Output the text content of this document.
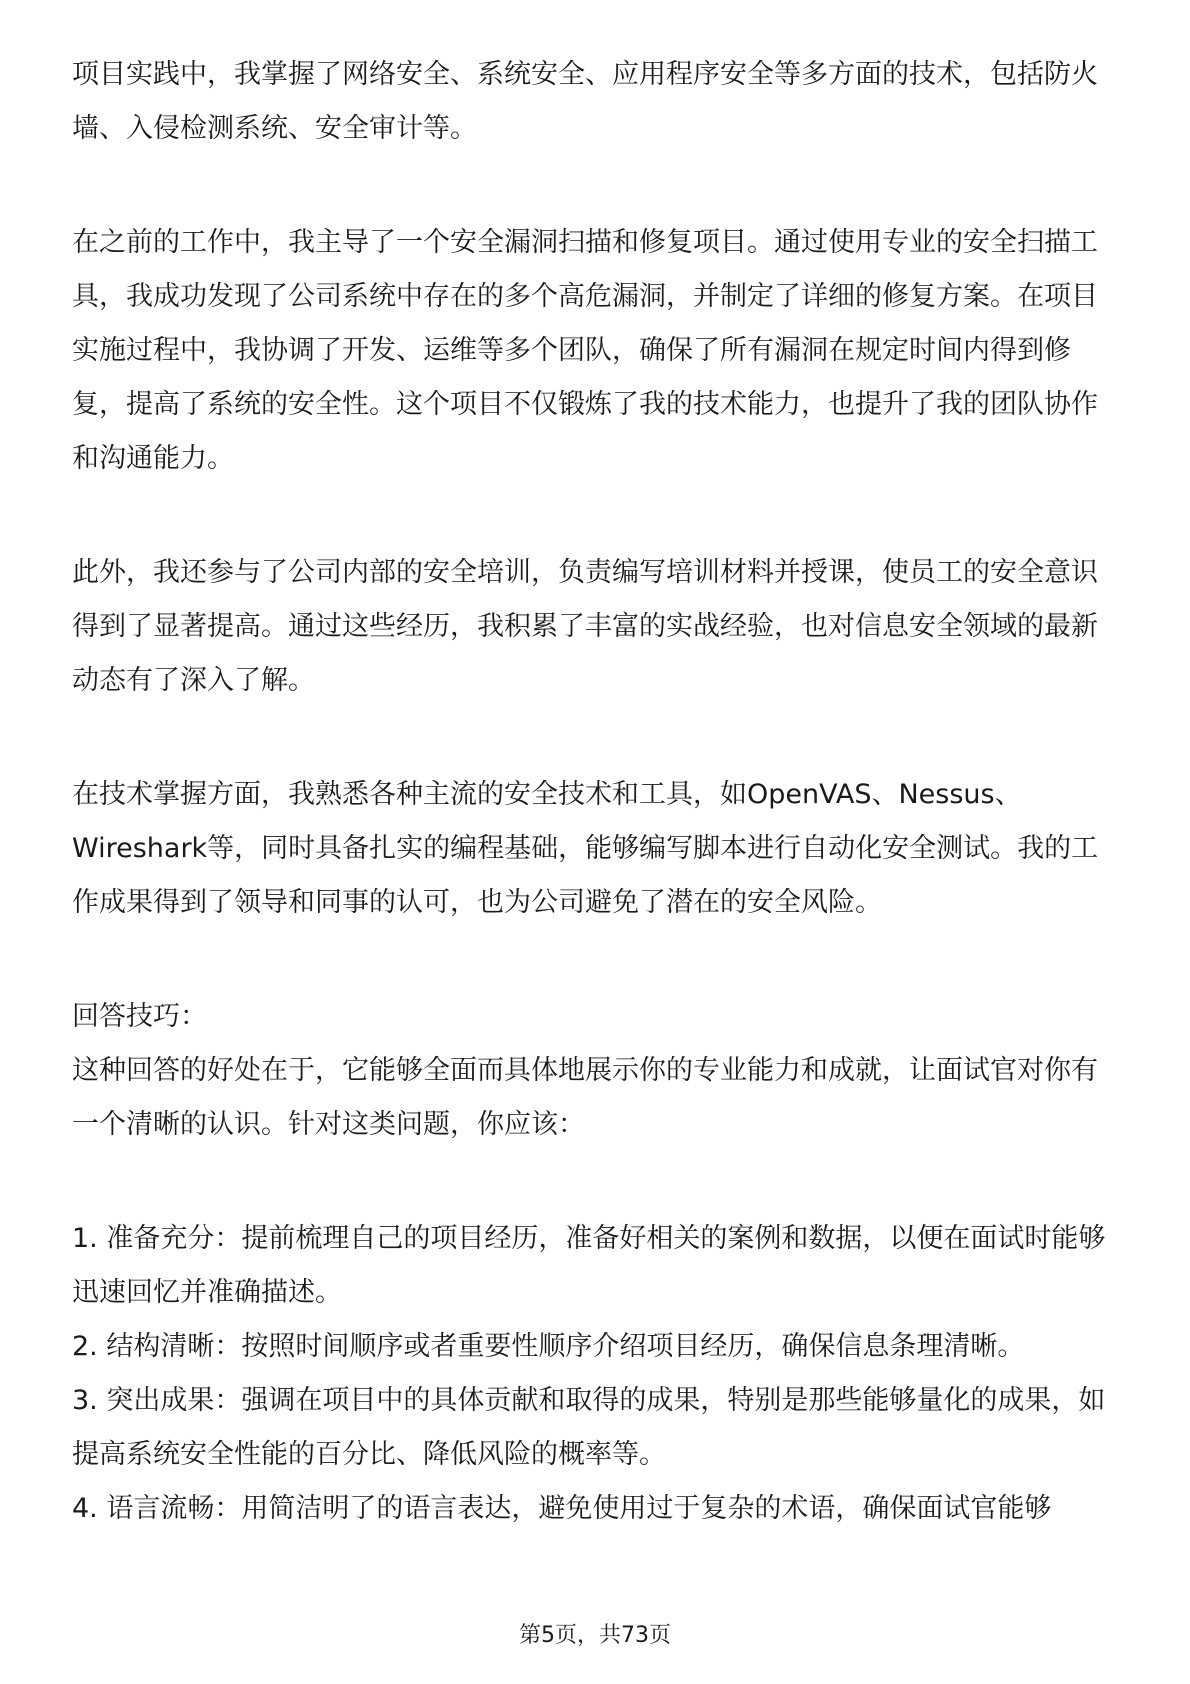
项目实践中，我掌握了网络安全、系统安全、应用程序安全等多方面的技术，包括防火墙、入侵检测系统、安全审计等。

在之前的工作中，我主导了一个安全漏洞扫描和修复项目。通过使用专业的安全扫描工具，我成功发现了公司系统中存在的多个高危漏洞，并制定了详细的修复方案。在项目实施过程中，我协调了开发、运维等多个团队，确保了所有漏洞在规定时间内得到修复，提高了系统的安全性。这个项目不仅锻炼了我的技术能力，也提升了我的团队协作和沟通能力。

此外，我还参与了公司内部的安全培训，负责编写培训材料并授课，使员工的安全意识得到了显著提高。通过这些经历，我积累了丰富的实战经验，也对信息安全领域的最新动态有了深入了解。

在技术掌握方面，我熟悉各种主流的安全技术和工具，如OpenVAS、Nessus、Wireshark等，同时具备扎实的编程基础，能够编写脚本进行自动化安全测试。我的工作成果得到了领导和同事的认可，也为公司避免了潜在的安全风险。

回答技巧：

这种回答的好处在于，它能够全面而具体地展示你的专业能力和成就，让面试官对你有一个清晰的认识。针对这类问题，你应该：

1. 准备充分：提前梳理自己的项目经历，准备好相关的案例和数据，以便在面试时能够迅速回忆并准确描述。

2. 结构清晰：按照时间顺序或者重要性顺序介绍项目经历，确保信息条理清晰。

3. 突出成果：强调在项目中的具体贡献和取得的成果，特别是那些能够量化的成果，如提高系统安全性能的百分比、降低风险的概率等。

4. 语言流畅：用简洁明了的语言表达，避免使用过于复杂的术语，确保面试官能够

第5页，共73页
